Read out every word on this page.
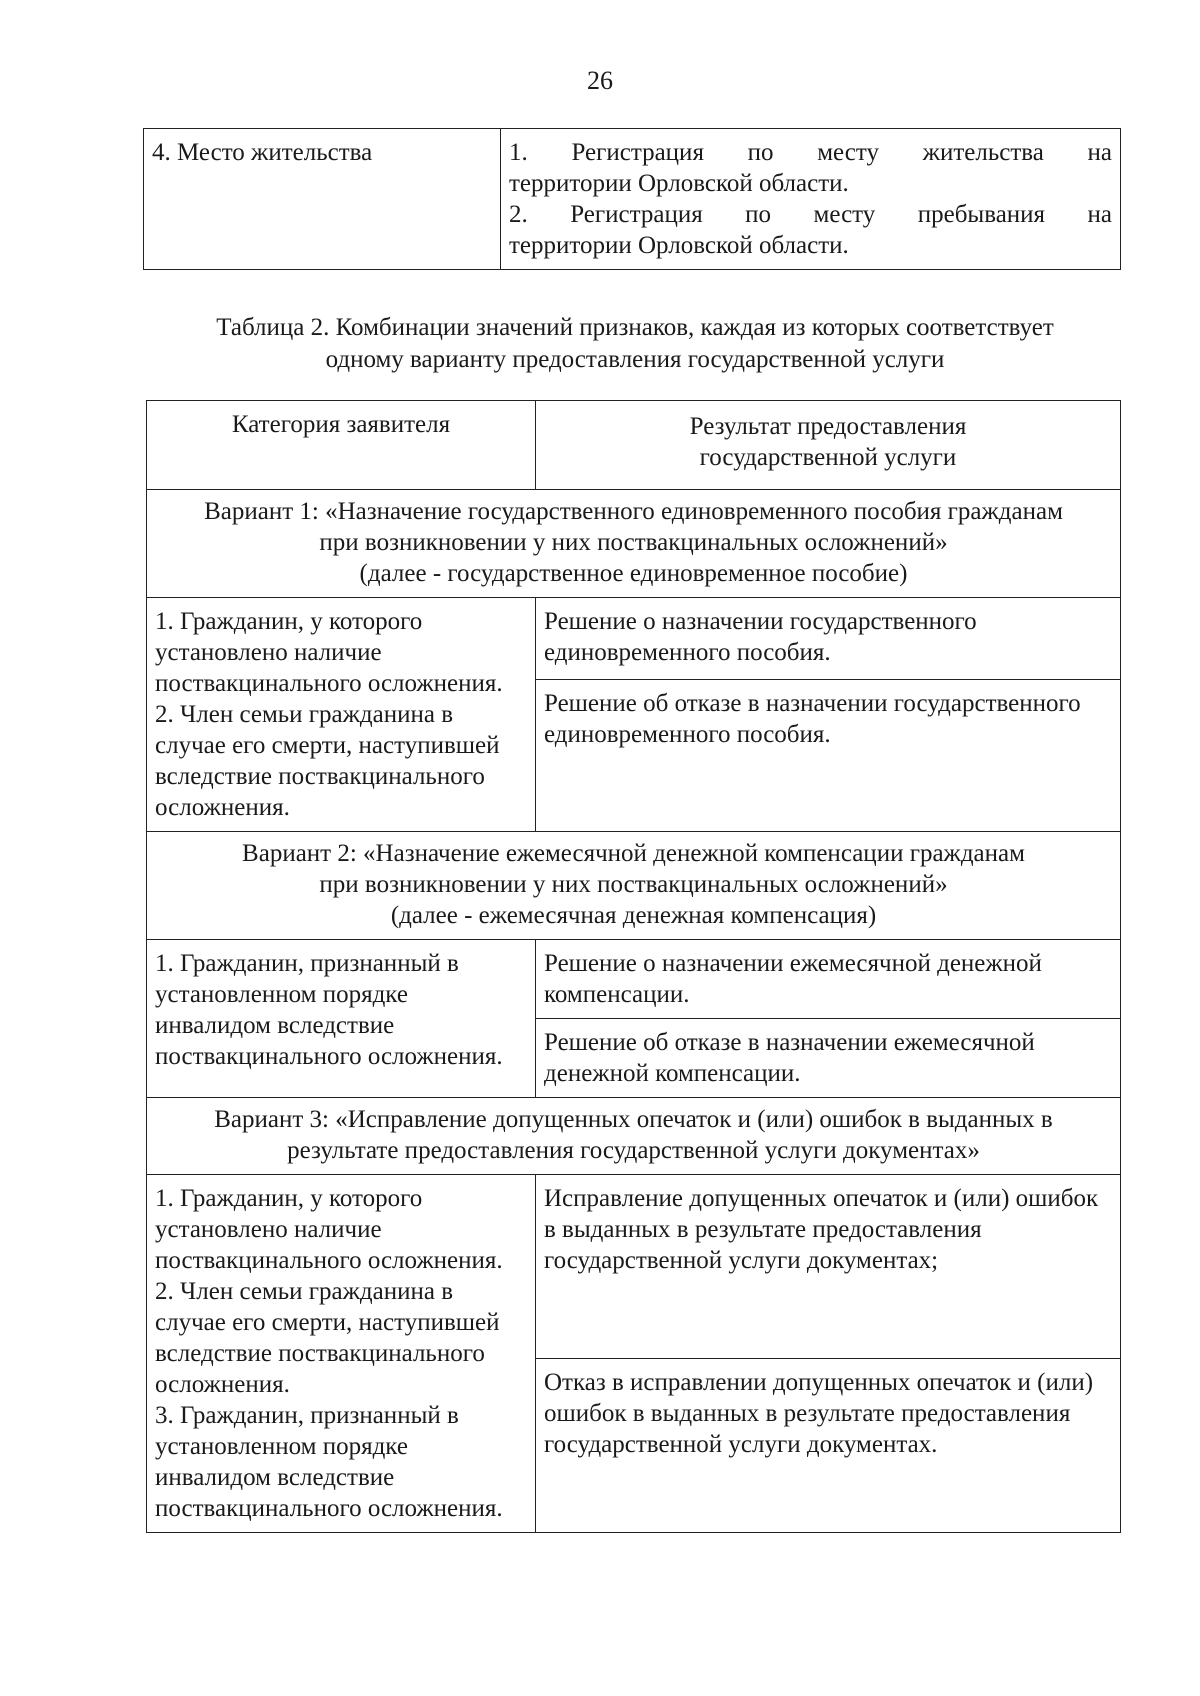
26
4. Место жительства	1. Регистрация по месту жительства на
территории Орловской области.
2. Регистрация по месту пребывания на
территории Орловской области.
Таблица 2. Комбинации значений признаков, каждая из которых соответствует
одному варианту предоставления государственной услуги
Категория заявителя	Результат предоставления
государственной услуги

Вариант 1: «Назначение государственного единовременного пособия гражданам
при возникновении у них поствакцинальных осложнений»
(далее - государственное единовременное пособие)	

1. Гражданин, у которого установлено наличие поствакцинального осложнения.
2. Член семьи гражданина в случае его смерти, наступившей вследствие поствакцинального осложнения.	Решение о назначении государственного единовременного пособия.
	Решение об отказе в назначении государственного единовременного пособия.

Вариант 2: «Назначение ежемесячной денежной компенсации гражданам
при возникновении у них поствакцинальных осложнений»
(далее - ежемесячная денежная компенсация)	

1. Гражданин, признанный в установленном порядке инвалидом вследствие поствакцинального осложнения.	Решение о назначении ежемесячной денежной компенсации.
	Решение об отказе в назначении ежемесячной денежной компенсации.

Вариант 3: «Исправление допущенных опечаток и (или) ошибок в выданных в
результате предоставления государственной услуги документах»	

1. Гражданин, у которого установлено наличие поствакцинального осложнения.
2. Член семьи гражданина в случае его смерти, наступившей вследствие поствакцинального осложнения.
3. Гражданин, признанный в установленном порядке инвалидом вследствие поствакцинального осложнения.	Исправление допущенных опечаток и (или) ошибок в выданных в результате предоставления государственной услуги документах;
	Отказ в исправлении допущенных опечаток и (или) ошибок в выданных в результате предоставления государственной услуги документах.
